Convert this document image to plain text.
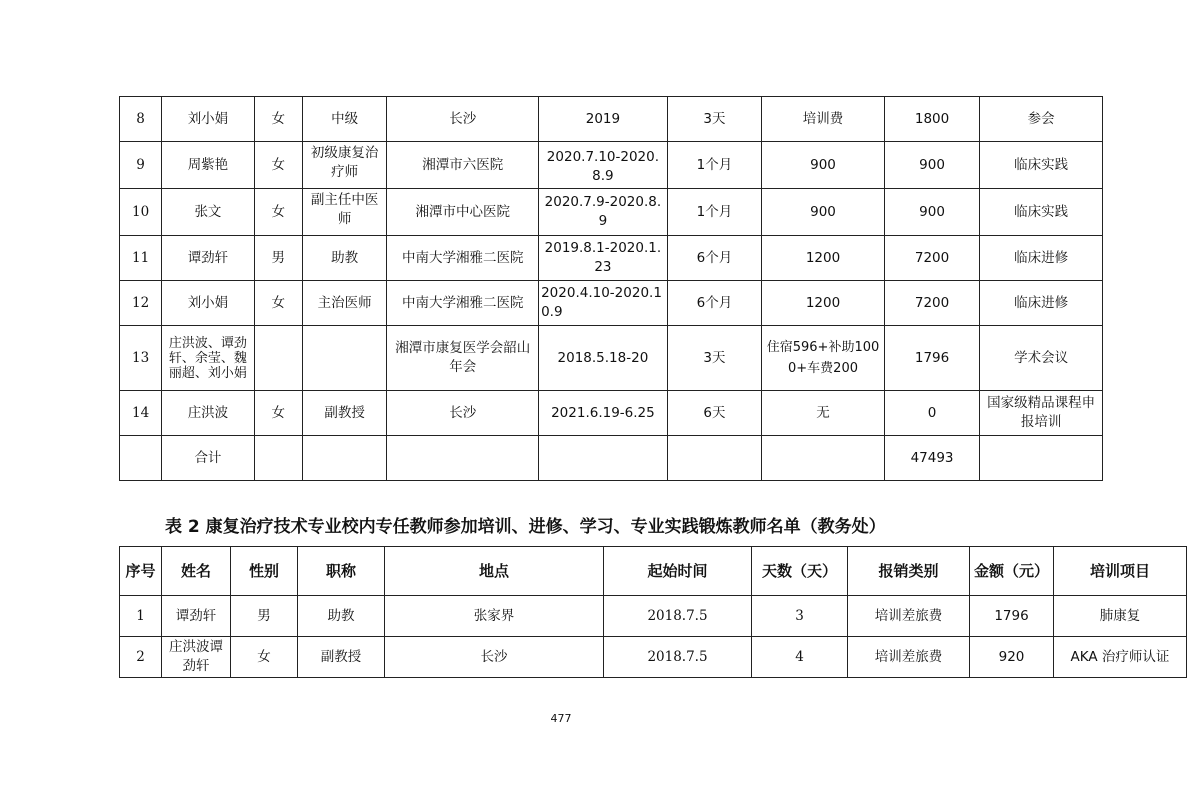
8	刘小娟	女	中级	长沙	2019	3天	培训费	1800	参会
9	周紫艳	女	初级康复治疗师	湘潭市六医院	2020.7.10-2020.8.9	1个月	900	900	临床实践
10	张文	女	副主任中医师	湘潭市中心医院	2020.7.9-2020.8.9	1个月	900	900	临床实践
11	谭劲轩	男	助教	中南大学湘雅二医院	2019.8.1-2020.1.23	6个月	1200	7200	临床进修
12	刘小娟	女	主治医师	中南大学湘雅二医院	2020.4.10-2020.10.9	6个月	1200	7200	临床进修
13	庄洪波、谭劲轩、余莹、魏丽超、刘小娟			湘潭市康复医学会韶山年会	2018.5.18-20	3天	住宿596+补助1000+车费200	1796	学术会议
14	庄洪波	女	副教授	长沙	2021.6.19-6.25	6天	无	0	国家级精品课程申报培训
	合计							47493	
表 2 康复治疗技术专业校内专任教师参加培训、进修、学习、专业实践锻炼教师名单（教务处）
序号	姓名	性别	职称	地点	起始时间	天数（天）	报销类别	金额（元）	培训项目
1	谭劲轩	男	助教	张家界	2018.7.5	3	培训差旅费	1796	肺康复
2	庄洪波谭劲轩	女	副教授	长沙	2018.7.5	4	培训差旅费	920	AKA 治疗师认证
477
